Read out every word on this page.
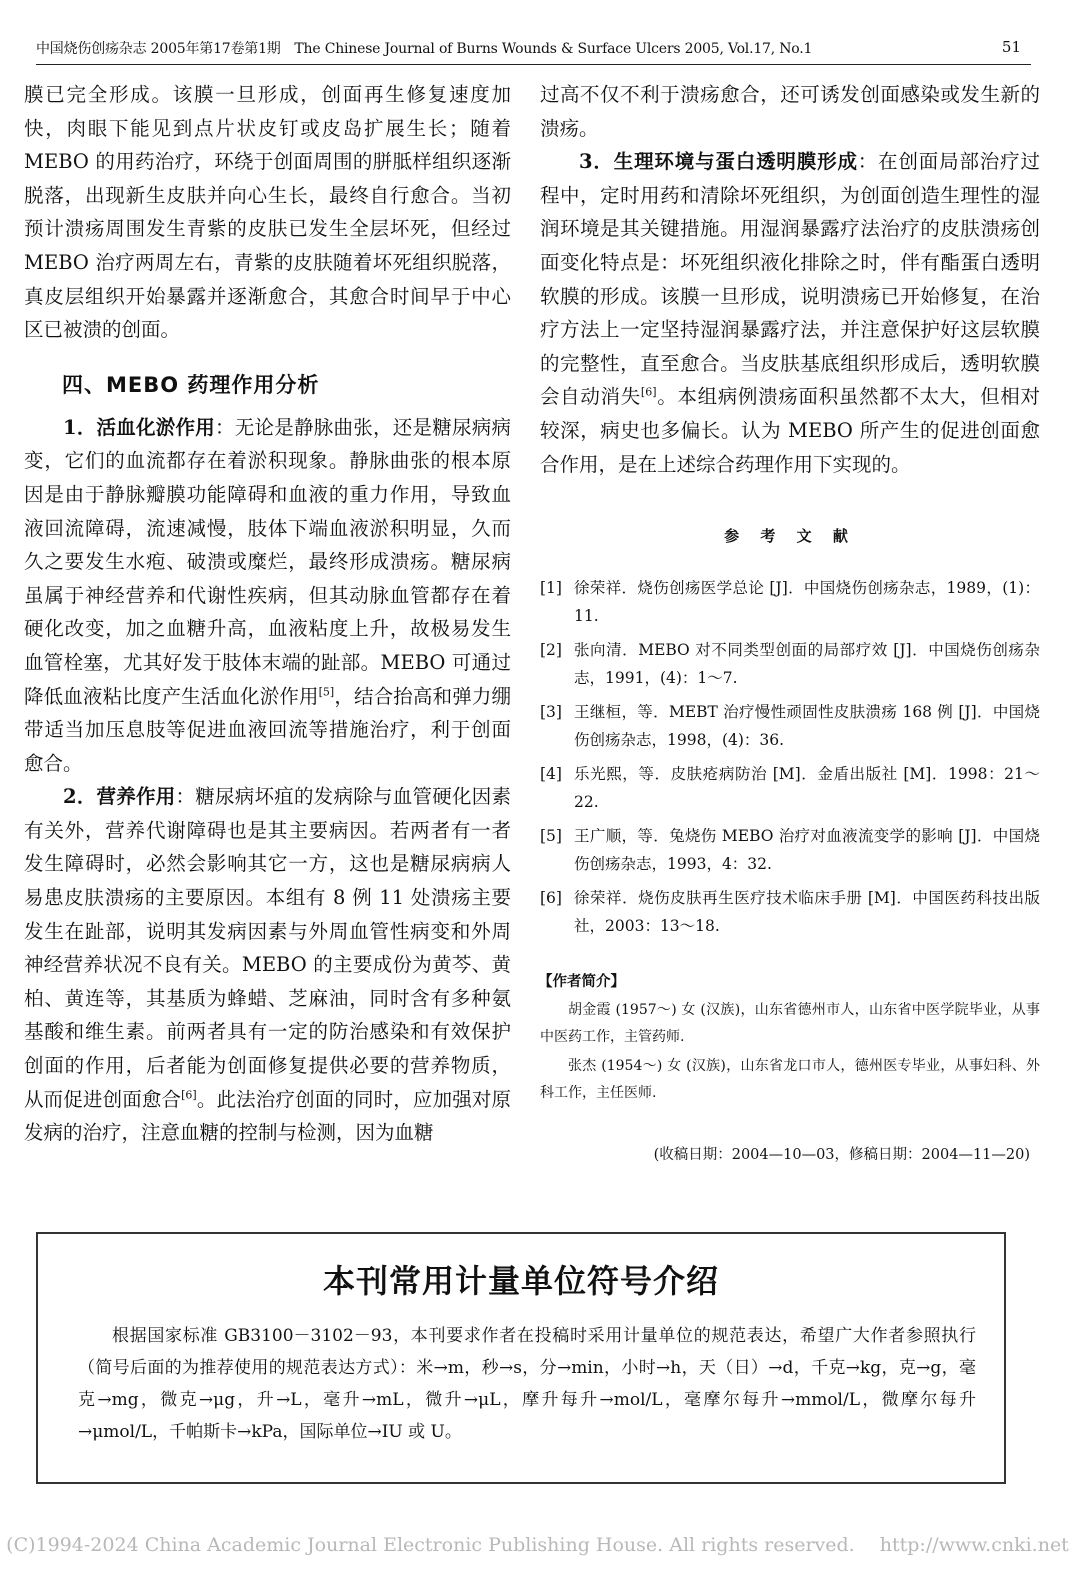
中国烧伤创疡杂志 2005年第17卷第1期　The Chinese Journal of Burns Wounds & Surface Ulcers 2005, Vol.17, No.1	51

膜已完全形成。该膜一旦形成，创面再生修复速度加快，肉眼下能见到点片状皮钉或皮岛扩展生长；随着 MEBO 的用药治疗，环绕于创面周围的胼胝样组织逐渐脱落，出现新生皮肤并向心生长，最终自行愈合。当初预计溃疡周围发生青紫的皮肤已发生全层坏死，但经过 MEBO 治疗两周左右，青紫的皮肤随着坏死组织脱落，真皮层组织开始暴露并逐渐愈合，其愈合时间早于中心区已被溃的创面。

四、MEBO 药理作用分析

1．活血化淤作用：无论是静脉曲张，还是糖尿病病变，它们的血流都存在着淤积现象。静脉曲张的根本原因是由于静脉瓣膜功能障碍和血液的重力作用，导致血液回流障碍，流速减慢，肢体下端血液淤积明显，久而久之要发生水疱、破溃或糜烂，最终形成溃疡。糖尿病虽属于神经营养和代谢性疾病，但其动脉血管都存在着硬化改变，加之血糖升高，血液粘度上升，故极易发生血管栓塞，尤其好发于肢体末端的趾部。MEBO 可通过降低血液粘比度产生活血化淤作用[5]，结合抬高和弹力绷带适当加压息肢等促进血液回流等措施治疗，利于创面愈合。

2．营养作用：糖尿病坏疽的发病除与血管硬化因素有关外，营养代谢障碍也是其主要病因。若两者有一者发生障碍时，必然会影响其它一方，这也是糖尿病病人易患皮肤溃疡的主要原因。本组有 8 例 11 处溃疡主要发生在趾部，说明其发病因素与外周血管性病变和外周神经营养状况不良有关。MEBO 的主要成份为黄芩、黄柏、黄连等，其基质为蜂蜡、芝麻油，同时含有多种氨基酸和维生素。前两者具有一定的防治感染和有效保护创面的作用，后者能为创面修复提供必要的营养物质，从而促进创面愈合[6]。此法治疗创面的同时，应加强对原发病的治疗，注意血糖的控制与检测，因为血糖

过高不仅不利于溃疡愈合，还可诱发创面感染或发生新的溃疡。

3．生理环境与蛋白透明膜形成：在创面局部治疗过程中，定时用药和清除坏死组织，为创面创造生理性的湿润环境是其关键措施。用湿润暴露疗法治疗的皮肤溃疡创面变化特点是：坏死组织液化排除之时，伴有酯蛋白透明软膜的形成。该膜一旦形成，说明溃疡已开始修复，在治疗方法上一定坚持湿润暴露疗法，并注意保护好这层软膜的完整性，直至愈合。当皮肤基底组织形成后，透明软膜会自动消失[6]。本组病例溃疡面积虽然都不太大，但相对较深，病史也多偏长。认为 MEBO 所产生的促进创面愈合作用，是在上述综合药理作用下实现的。

参 考 文 献
[1] 徐荣祥．烧伤创疡医学总论 [J]．中国烧伤创疡杂志，1989，(1)：11.
[2] 张向清．MEBO 对不同类型创面的局部疗效 [J]．中国烧伤创疡杂志，1991，(4)：1～7.
[3] 王继桓，等．MEBT 治疗慢性顽固性皮肤溃疡 168 例 [J]．中国烧伤创疡杂志，1998，(4)：36.
[4] 乐光熙，等．皮肤疮病防治 [M]．金盾出版社 [M]．1998：21～22.
[5] 王广顺，等．兔烧伤 MEBO 治疗对血液流变学的影响 [J]．中国烧伤创疡杂志，1993，4：32.
[6] 徐荣祥．烧伤皮肤再生医疗技术临床手册 [M]．中国医药科技出版社，2003：13～18.
【作者简介】

胡金霞 (1957～) 女 (汉族)，山东省德州市人，山东省中医学院毕业，从事中医药工作，主管药师.

张杰 (1954～) 女 (汉族)，山东省龙口市人，德州医专毕业，从事妇科、外科工作，主任医师.

(收稿日期：2004—10—03，修稿日期：2004—11—20)
本刊常用计量单位符号介绍
根据国家标准 GB3100－3102－93，本刊要求作者在投稿时采用计量单位的规范表达，希望广大作者参照执行（简号后面的为推荐使用的规范表达方式）：米→m，秒→s，分→min，小时→h，天（日）→d，千克→kg，克→g，毫克→mg，微克→μg，升→L，毫升→mL，微升→μL，摩升每升→mol/L，毫摩尔每升→mmol/L，微摩尔每升→μmol/L，千帕斯卡→kPa，国际单位→IU 或 U。
(C)1994-2024 China Academic Journal Electronic Publishing House. All rights reserved.　 http://www.cnki.net
